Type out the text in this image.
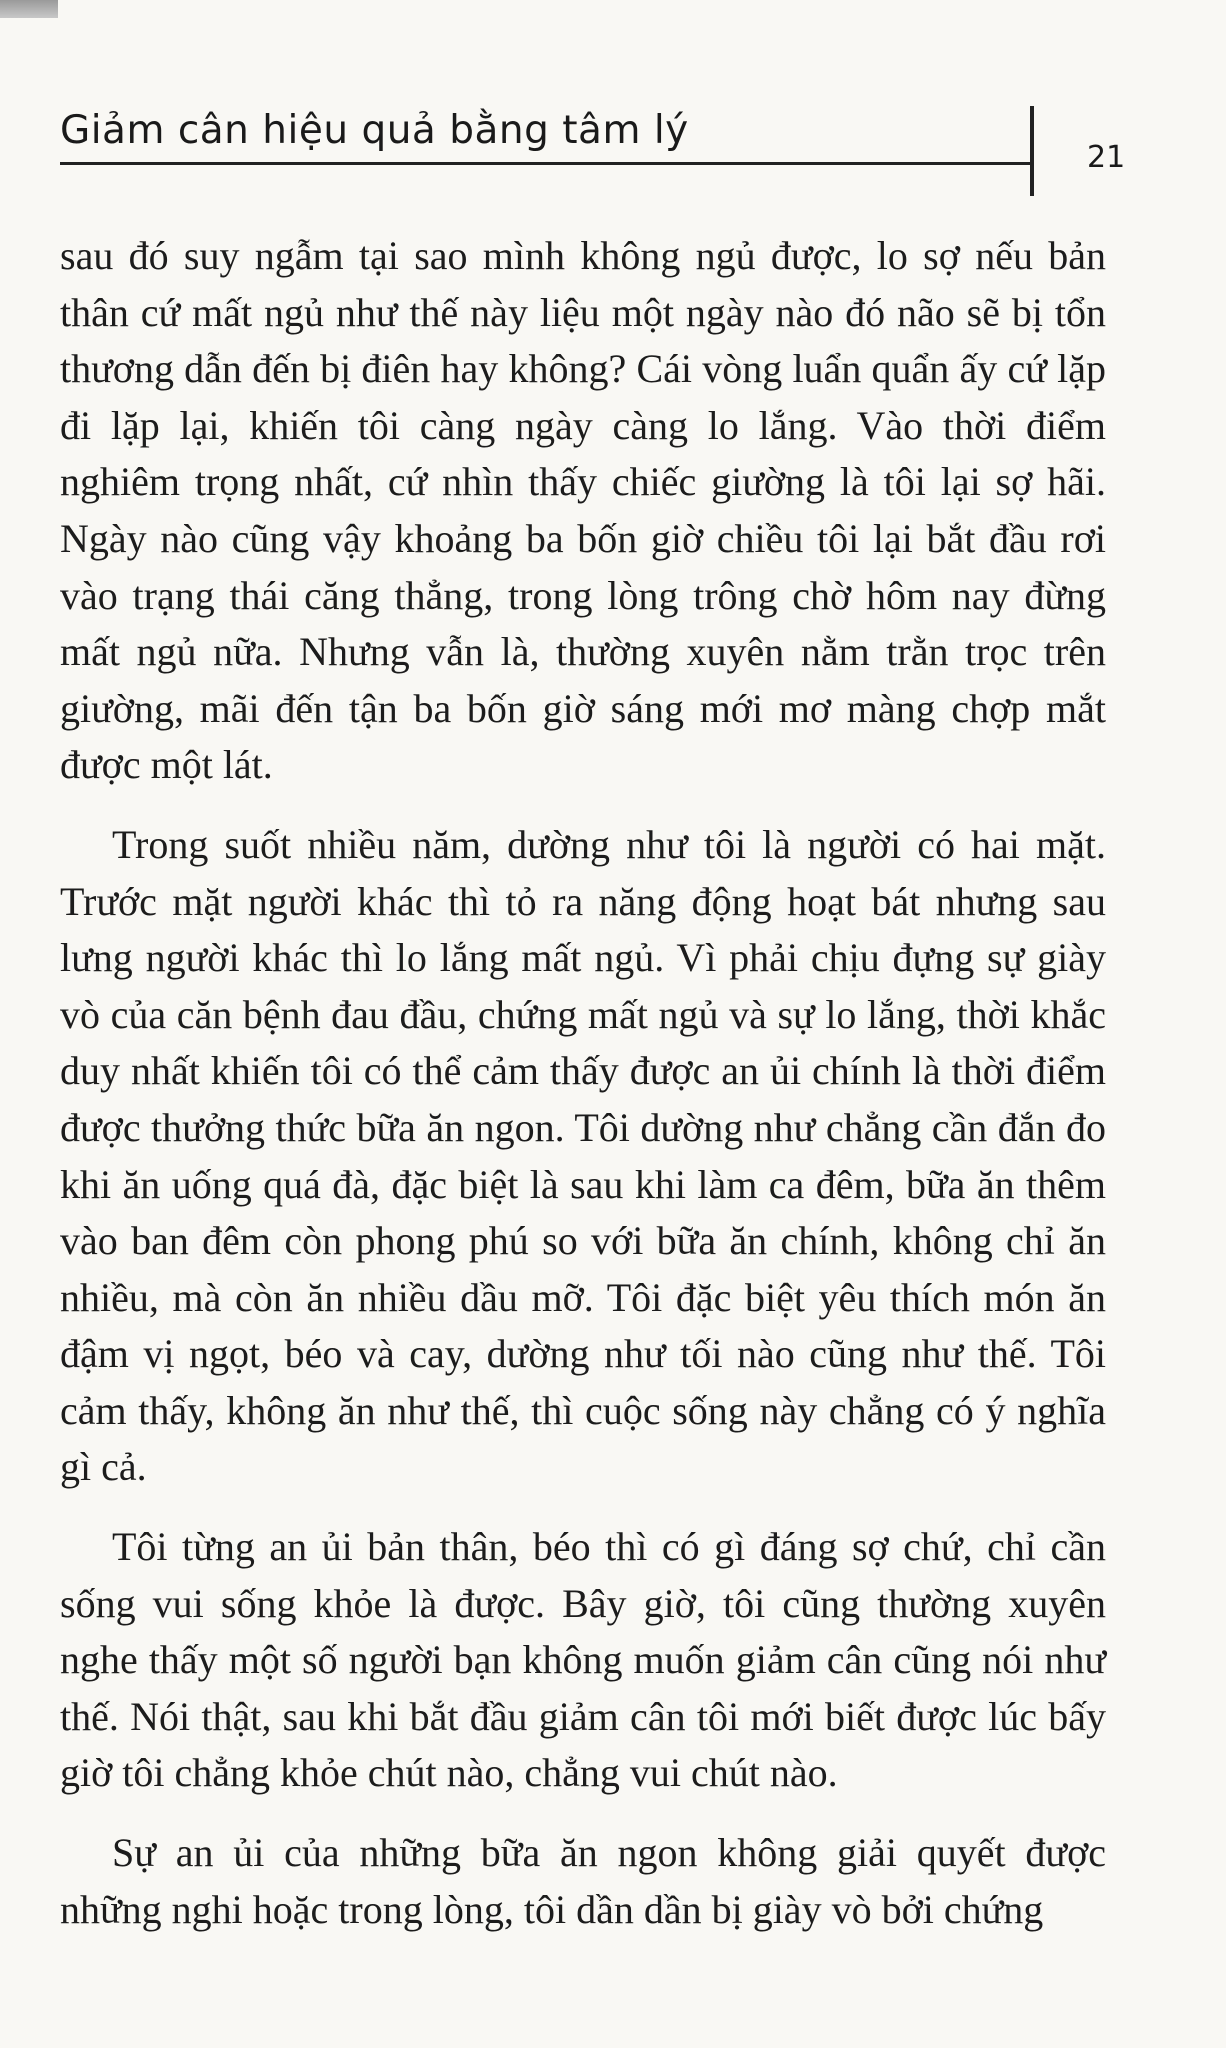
Giảm cân hiệu quả bằng tâm lý
21

sau đó suy ngẫm tại sao mình không ngủ được, lo sợ nếu bản thân cứ mất ngủ như thế này liệu một ngày nào đó não sẽ bị tổn thương dẫn đến bị điên hay không? Cái vòng luẩn quẩn ấy cứ lặp đi lặp lại, khiến tôi càng ngày càng lo lắng. Vào thời điểm nghiêm trọng nhất, cứ nhìn thấy chiếc giường là tôi lại sợ hãi. Ngày nào cũng vậy khoảng ba bốn giờ chiều tôi lại bắt đầu rơi vào trạng thái căng thẳng, trong lòng trông chờ hôm nay đừng mất ngủ nữa. Nhưng vẫn là, thường xuyên nằm trằn trọc trên giường, mãi đến tận ba bốn giờ sáng mới mơ màng chợp mắt được một lát.

Trong suốt nhiều năm, dường như tôi là người có hai mặt. Trước mặt người khác thì tỏ ra năng động hoạt bát nhưng sau lưng người khác thì lo lắng mất ngủ. Vì phải chịu đựng sự giày vò của căn bệnh đau đầu, chứng mất ngủ và sự lo lắng, thời khắc duy nhất khiến tôi có thể cảm thấy được an ủi chính là thời điểm được thưởng thức bữa ăn ngon. Tôi dường như chẳng cần đắn đo khi ăn uống quá đà, đặc biệt là sau khi làm ca đêm, bữa ăn thêm vào ban đêm còn phong phú so với bữa ăn chính, không chỉ ăn nhiều, mà còn ăn nhiều dầu mỡ. Tôi đặc biệt yêu thích món ăn đậm vị ngọt, béo và cay, dường như tối nào cũng như thế. Tôi cảm thấy, không ăn như thế, thì cuộc sống này chẳng có ý nghĩa gì cả.

Tôi từng an ủi bản thân, béo thì có gì đáng sợ chứ, chỉ cần sống vui sống khỏe là được. Bây giờ, tôi cũng thường xuyên nghe thấy một số người bạn không muốn giảm cân cũng nói như thế. Nói thật, sau khi bắt đầu giảm cân tôi mới biết được lúc bấy giờ tôi chẳng khỏe chút nào, chẳng vui chút nào.

Sự an ủi của những bữa ăn ngon không giải quyết được những nghi hoặc trong lòng, tôi dần dần bị giày vò bởi chứng
